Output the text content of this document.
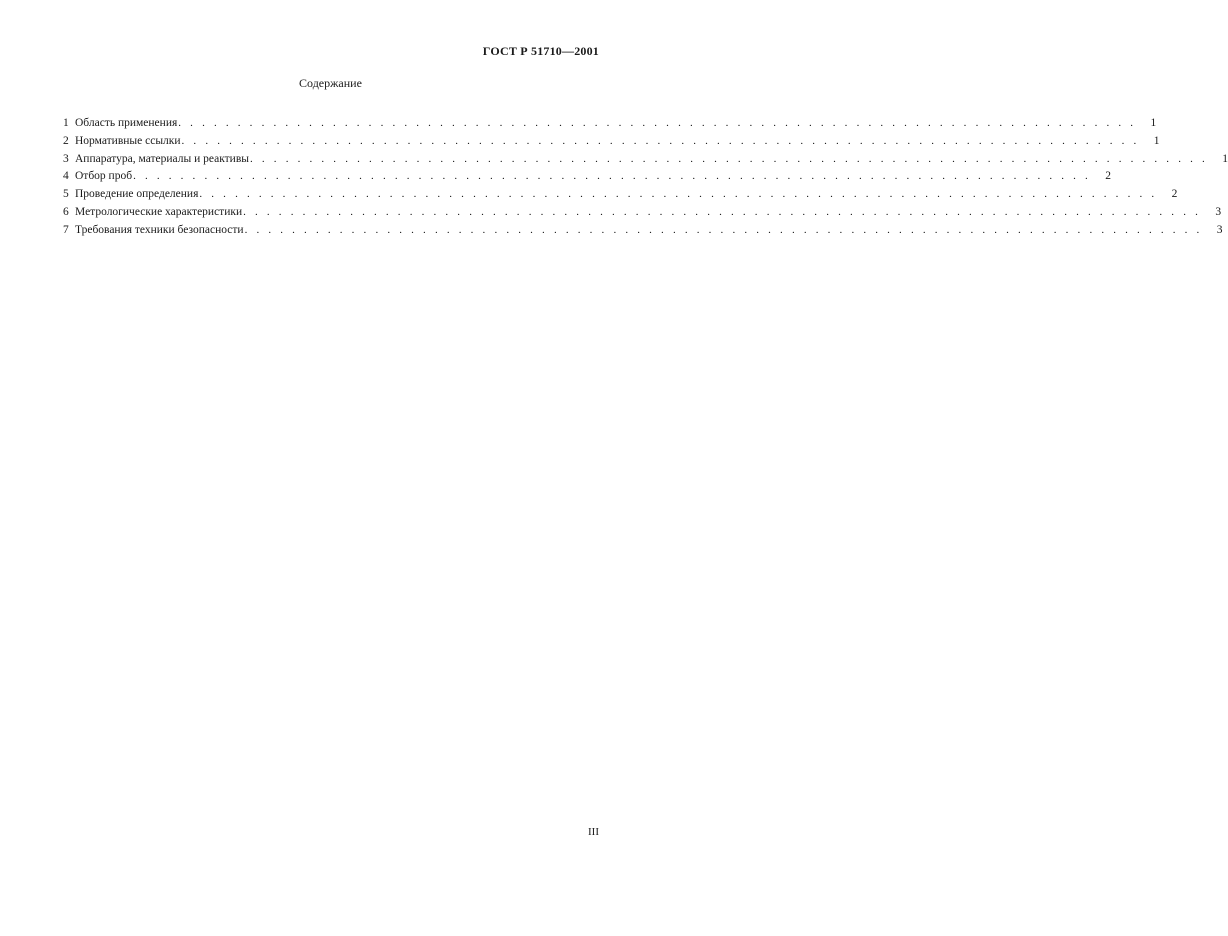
ГОСТ Р 51710—2001
Содержание
1 Область применения . . . . . . . . . . . . . . . . . . . . . . . . . . . . . . . . . . . . . . . . . . . . . . . . . . . . . . . . . . . . . . . . . . . . . . . . . . . . . . . . .	1
2 Нормативные ссылки . . . . . . . . . . . . . . . . . . . . . . . . . . . . . . . . . . . . . . . . . . . . . . . . . . . . . . . . . . . . . . . . . . . . . . . . . . . . . . . . .	1
3 Аппаратура, материалы и реактивы . . . . . . . . . . . . . . . . . . . . . . . . . . . . . . . . . . . . . . . . . . . . . . . . . . . . . . . . . . . . . . . . . . . . . . . . . . . . . . . . .	1
4 Отбор проб . . . . . . . . . . . . . . . . . . . . . . . . . . . . . . . . . . . . . . . . . . . . . . . . . . . . . . . . . . . . . . . . . . . . . . . . . . . . . . . . .	2
5 Проведение определения . . . . . . . . . . . . . . . . . . . . . . . . . . . . . . . . . . . . . . . . . . . . . . . . . . . . . . . . . . . . . . . . . . . . . . . . . . . . . . . . .	2
6 Метрологические характеристики . . . . . . . . . . . . . . . . . . . . . . . . . . . . . . . . . . . . . . . . . . . . . . . . . . . . . . . . . . . . . . . . . . . . . . . . . . . . . . . . .	3
7 Требования техники безопасности . . . . . . . . . . . . . . . . . . . . . . . . . . . . . . . . . . . . . . . . . . . . . . . . . . . . . . . . . . . . . . . . . . . . . . . . . . . . . . . . .	3
III
